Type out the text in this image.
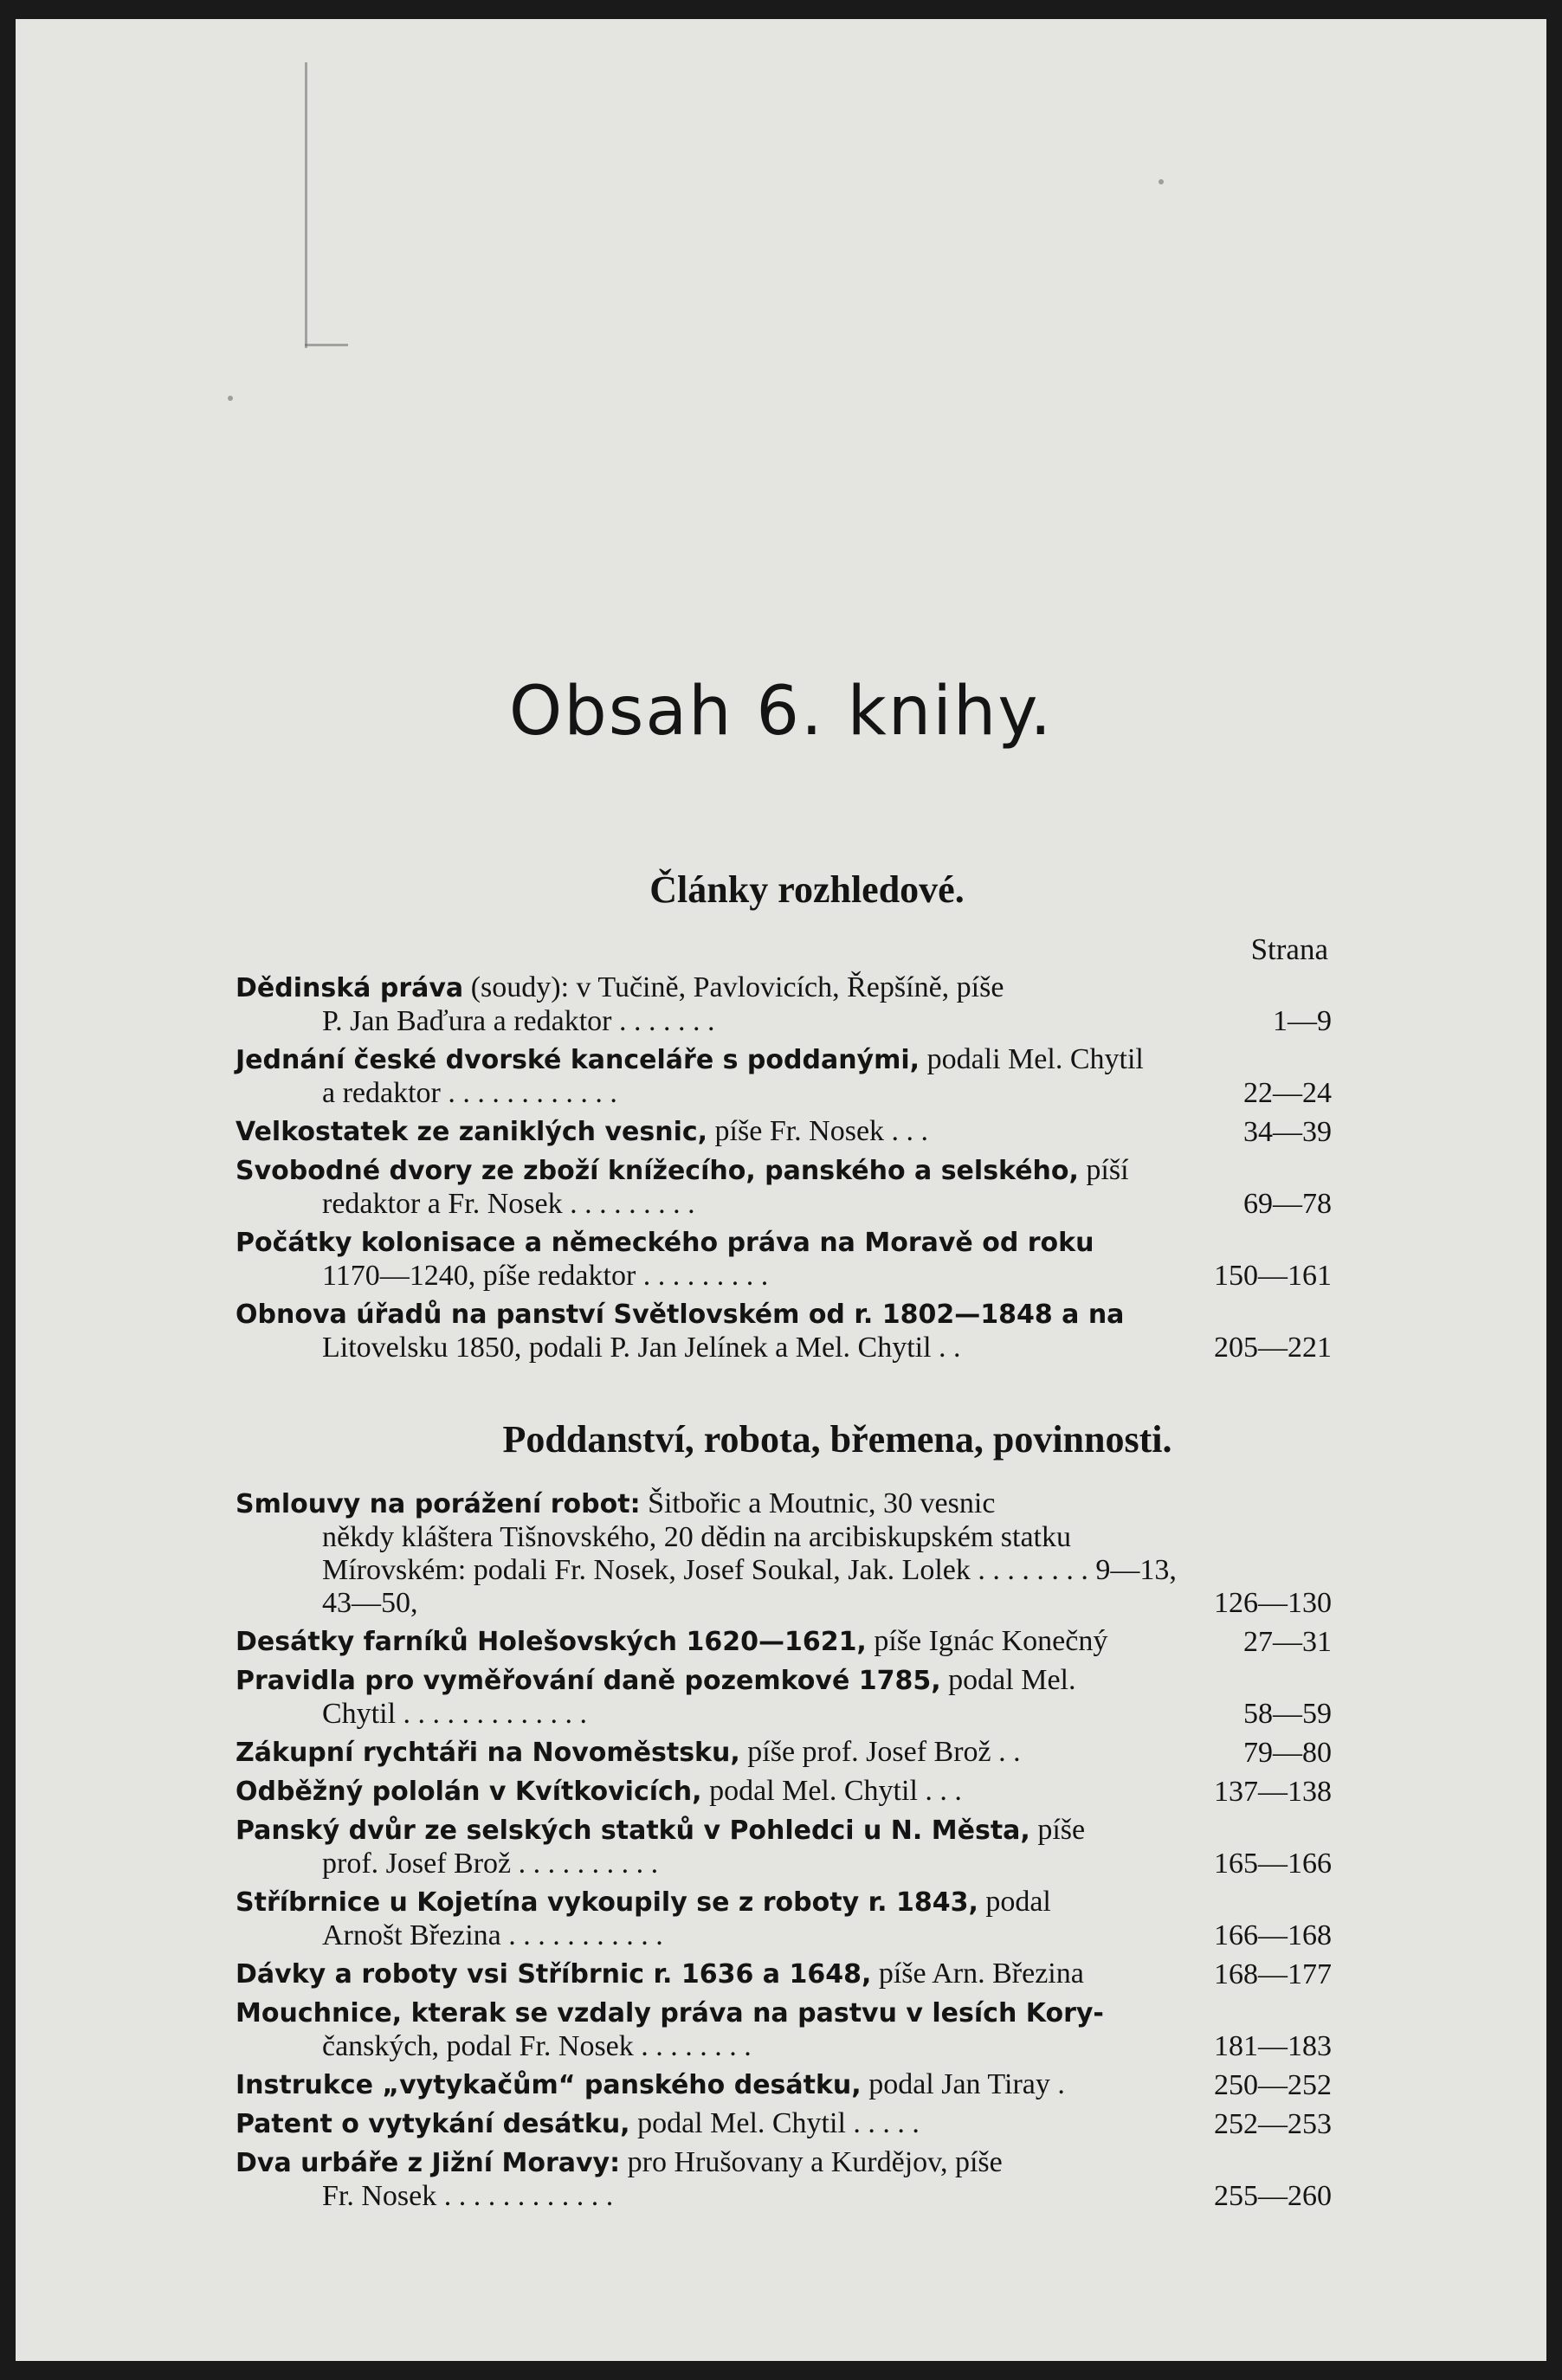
Obsah 6. knihy.
Články rozhledové.
Strana
Dědinská práva (soudy): v Tučině, Pavlovicích, Řepšíně, píše
P. Jan Baďura a redaktor . . . . . . .	1—9
Jednání české dvorské kanceláře s poddanými, podali Mel. Chytil
a redaktor . . . . . . . . . . . .	22—24
Velkostatek ze zaniklých vesnic, píše Fr. Nosek . . .	34—39
Svobodné dvory ze zboží knížecího, panského a selského, píší
redaktor a Fr. Nosek . . . . . . . . .	69—78
Počátky kolonisace a německého práva na Moravě od roku
1170—1240, píše redaktor . . . . . . . . .	150—161
Obnova úřadů na panství Světlovském od r. 1802—1848 a na
Litovelsku 1850, podali P. Jan Jelínek a Mel. Chytil . .	205—221
Poddanství, robota, břemena, povinnosti.
Smlouvy na porážení robot: Šitbořic a Moutnic, 30 vesnic
někdy kláštera Tišnovského, 20 dědin na arcibiskupském statku Mírovském: podali Fr. Nosek, Josef Soukal, Jak. Lolek . . . . . . . . 9—13, 43—50,	126—130
Desátky farníků Holešovských 1620—1621, píše Ignác Konečný	27—31
Pravidla pro vyměřování daně pozemkové 1785, podal Mel.
Chytil . . . . . . . . . . . . .	58—59
Zákupní rychtáři na Novoměstsku, píše prof. Josef Brož . .	79—80
Odběžný pololán v Kvítkovicích, podal Mel. Chytil . . .	137—138
Panský dvůr ze selských statků v Pohledci u N. Města, píše
prof. Josef Brož . . . . . . . . . .	165—166
Stříbrnice u Kojetína vykoupily se z roboty r. 1843, podal
Arnošt Březina . . . . . . . . . . .	166—168
Dávky a roboty vsi Stříbrnic r. 1636 a 1648, píše Arn. Březina	168—177
Mouchnice, kterak se vzdaly práva na pastvu v lesích Kory-
čanských, podal Fr. Nosek . . . . . . . .	181—183
Instrukce „vytykačům“ panského desátku, podal Jan Tiray .	250—252
Patent o vytykání desátku, podal Mel. Chytil . . . . .	252—253
Dva urbáře z Jižní Moravy: pro Hrušovany a Kurdějov, píše
Fr. Nosek . . . . . . . . . . . .	255—260
